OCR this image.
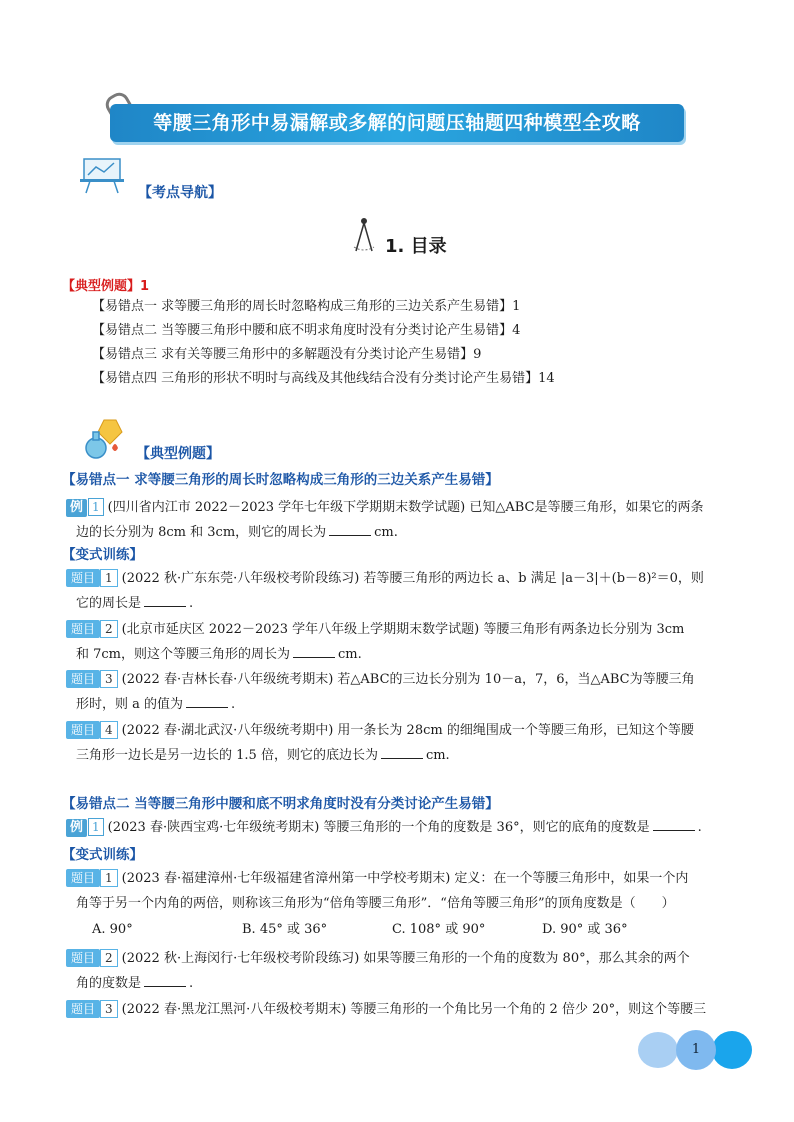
等腰三角形中易漏解或多解的问题压轴题四种模型全攻略
【考点导航】
1. 目录
【典型例题】1
【易错点一 求等腰三角形的周长时忽略构成三角形的三边关系产生易错】1
【易错点二 当等腰三角形中腰和底不明求角度时没有分类讨论产生易错】4
【易错点三 求有关等腰三角形中的多解题没有分类讨论产生易错】9
【易错点四 三角形的形状不明时与高线及其他线结合没有分类讨论产生易错】14
【典型例题】
【易错点一 求等腰三角形的周长时忽略构成三角形的三边关系产生易错】
例 1 (四川省内江市 2022－2023 学年七年级下学期期末数学试题) 已知△ABC是等腰三角形，如果它的两条
边的长分别为 8cm 和 3cm，则它的周长为	cm.
【变式训练】
题目 1 (2022 秋·广东东莞·八年级校考阶段练习) 若等腰三角形的两边长 a、b 满足 |a－3|＋(b－8)²＝0，则
它的周长是	.
题目 2 (北京市延庆区 2022－2023 学年八年级上学期期末数学试题) 等腰三角形有两条边长分别为 3cm
和 7cm，则这个等腰三角形的周长为	cm.
题目 3 (2022 春·吉林长春·八年级统考期末) 若△ABC的三边长分别为 10－a，7，6，当△ABC为等腰三角
形时，则 a 的值为	.
题目 4 (2022 春·湖北武汉·八年级统考期中) 用一条长为 28cm 的细绳围成一个等腰三角形，已知这个等腰
三角形一边长是另一边长的 1.5 倍，则它的底边长为	cm.
【易错点二 当等腰三角形中腰和底不明求角度时没有分类讨论产生易错】
例 1 (2023 春·陕西宝鸡·七年级统考期末) 等腰三角形的一个角的度数是 36°，则它的底角的度数是	.
【变式训练】
题目 1 (2023 春·福建漳州·七年级福建省漳州第一中学校考期末) 定义：在一个等腰三角形中，如果一个内
角等于另一个内角的两倍，则称该三角形为“倍角等腰三角形”．“倍角等腰三角形”的顶角度数是（　　）
A. 90°	B. 45° 或 36°	C. 108° 或 90°	D. 90° 或 36°
题目 2 (2022 秋·上海闵行·七年级校考阶段练习) 如果等腰三角形的一个角的度数为 80°，那么其余的两个
角的度数是	.
题目 3 (2022 春·黑龙江黑河·八年级校考期末) 等腰三角形的一个角比另一个角的 2 倍少 20°，则这个等腰三
1
